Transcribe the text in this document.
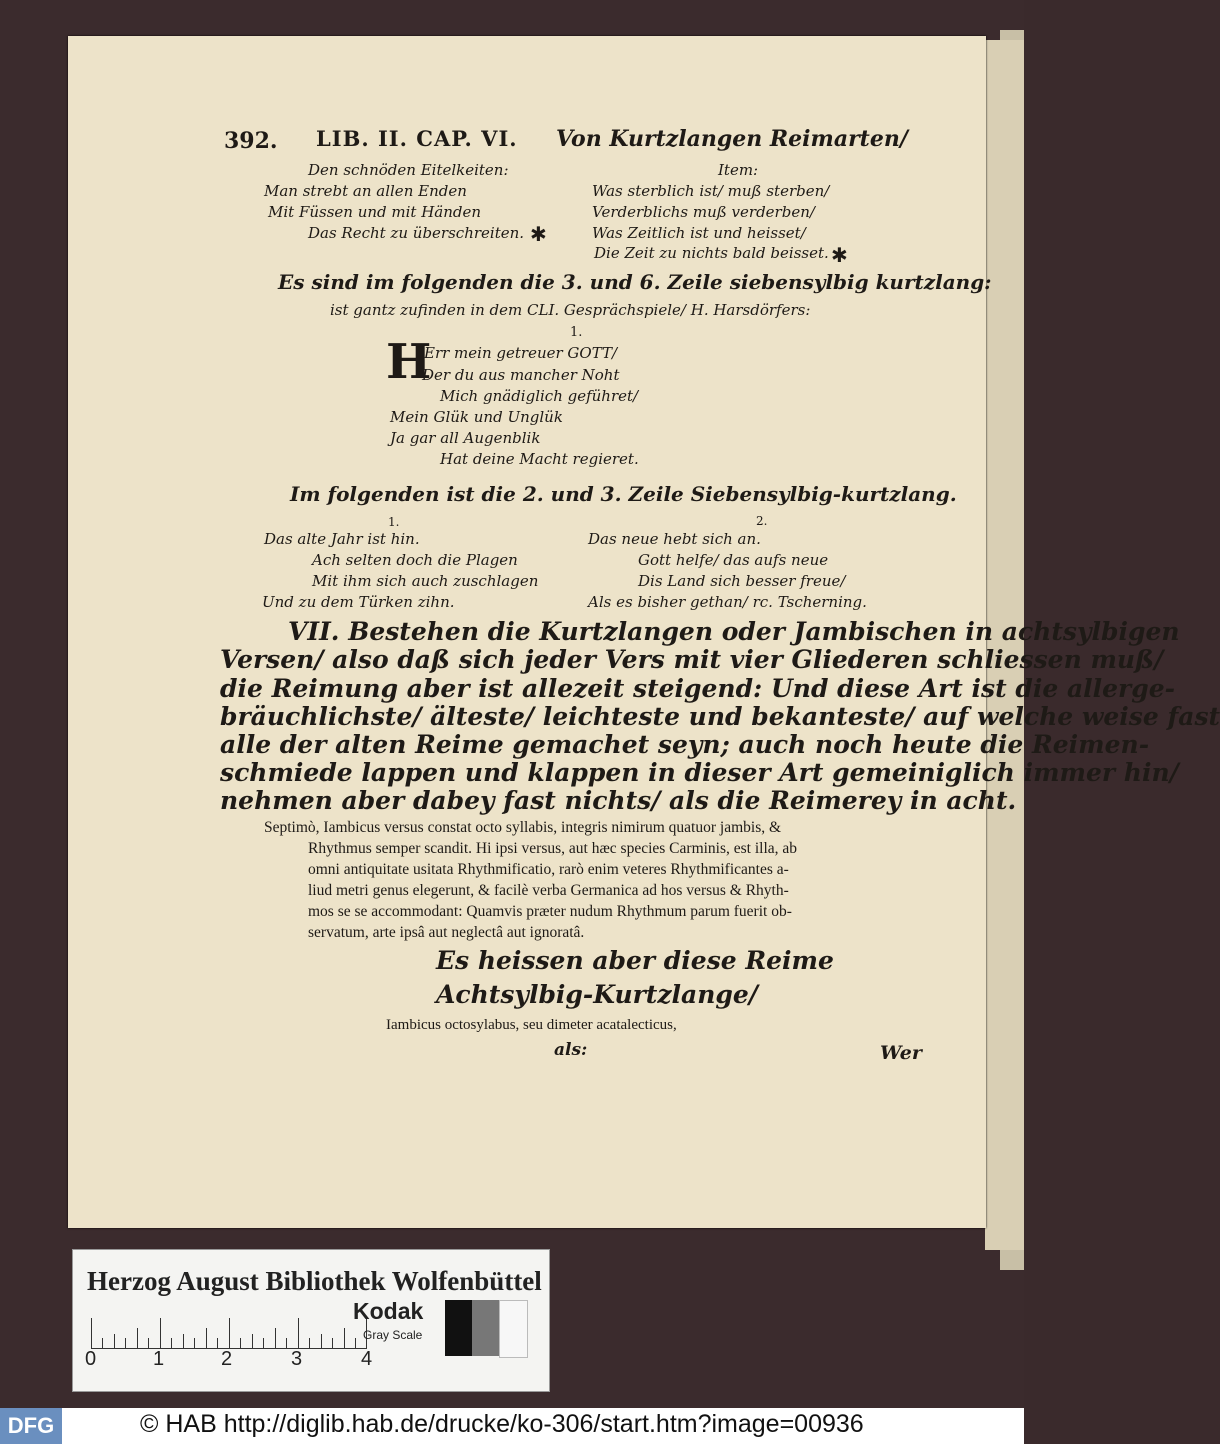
392. LIB. II. CAP. VI. Von Kurtzlangen Reimarten/
Den schnöden Eitelkeiten:
Man strebt an allen Enden
Mit Füssen und mit Händen
Das Recht zu überschreiten. ✱
Item:
Was sterblich ist/ muß sterben/
Verderblichs muß verderben/
Was Zeitlich ist und heisset/
Die Zeit zu nichts bald beisset. ✱
Es sind im folgenden die 3. und 6. Zeile siebensylbig kurtzlang:
ist gantz zufinden in dem CLI. Gesprächspiele/ H. Harsdörfers:
1.
H
Err mein getreuer GOTT/
Der du aus mancher Noht
Mich gnädiglich geführet/
Mein Glük und Unglük
Ja gar all Augenblik
Hat deine Macht regieret.
Im folgenden ist die 2. und 3. Zeile Siebensylbig-kurtzlang.
1.	2.
Das alte Jahr ist hin.
Ach selten doch die Plagen
Mit ihm sich auch zuschlagen
Und zu dem Türken zihn.
Das neue hebt sich an.
Gott helfe/ das aufs neue
Dis Land sich besser freue/
Als es bisher gethan/ rc. Tscherning.
VII. Bestehen die Kurtzlangen oder Jambischen in achtsylbigen
Versen/ also daß sich jeder Vers mit vier Gliederen schliessen muß/
die Reimung aber ist allezeit steigend: Und diese Art ist die allerge-
bräuchlichste/ älteste/ leichteste und bekanteste/ auf welche weise fast
alle der alten Reime gemachet seyn; auch noch heute die Reimen-
schmiede lappen und klappen in dieser Art gemeiniglich immer hin/
nehmen aber dabey fast nichts/ als die Reimerey in acht.
Septimò, Iambicus versus constat octo syllabis, integris nimirum quatuor jambis, &
Rhythmus semper scandit. Hi ipsi versus, aut hæc species Carminis, est illa, ab
omni antiquitate usitata Rhythmificatio, rarò enim veteres Rhythmificantes a-
liud metri genus elegerunt, & facilè verba Germanica ad hos versus & Rhyth-
mos se se accommodant: Quamvis præter nudum Rhythmum parum fuerit ob-
servatum, arte ipsâ aut neglectâ aut ignoratâ.
Es heissen aber diese Reime
Achtsylbig-Kurtzlange/
Iambicus octosylabus, seu dimeter acatalecticus,
als:	Wer
Herzog August Bibliothek Wolfenbüttel
0	1	2	3	4
Kodak
Gray Scale
DFG	© HAB http://diglib.hab.de/drucke/ko-306/start.htm?image=00936
